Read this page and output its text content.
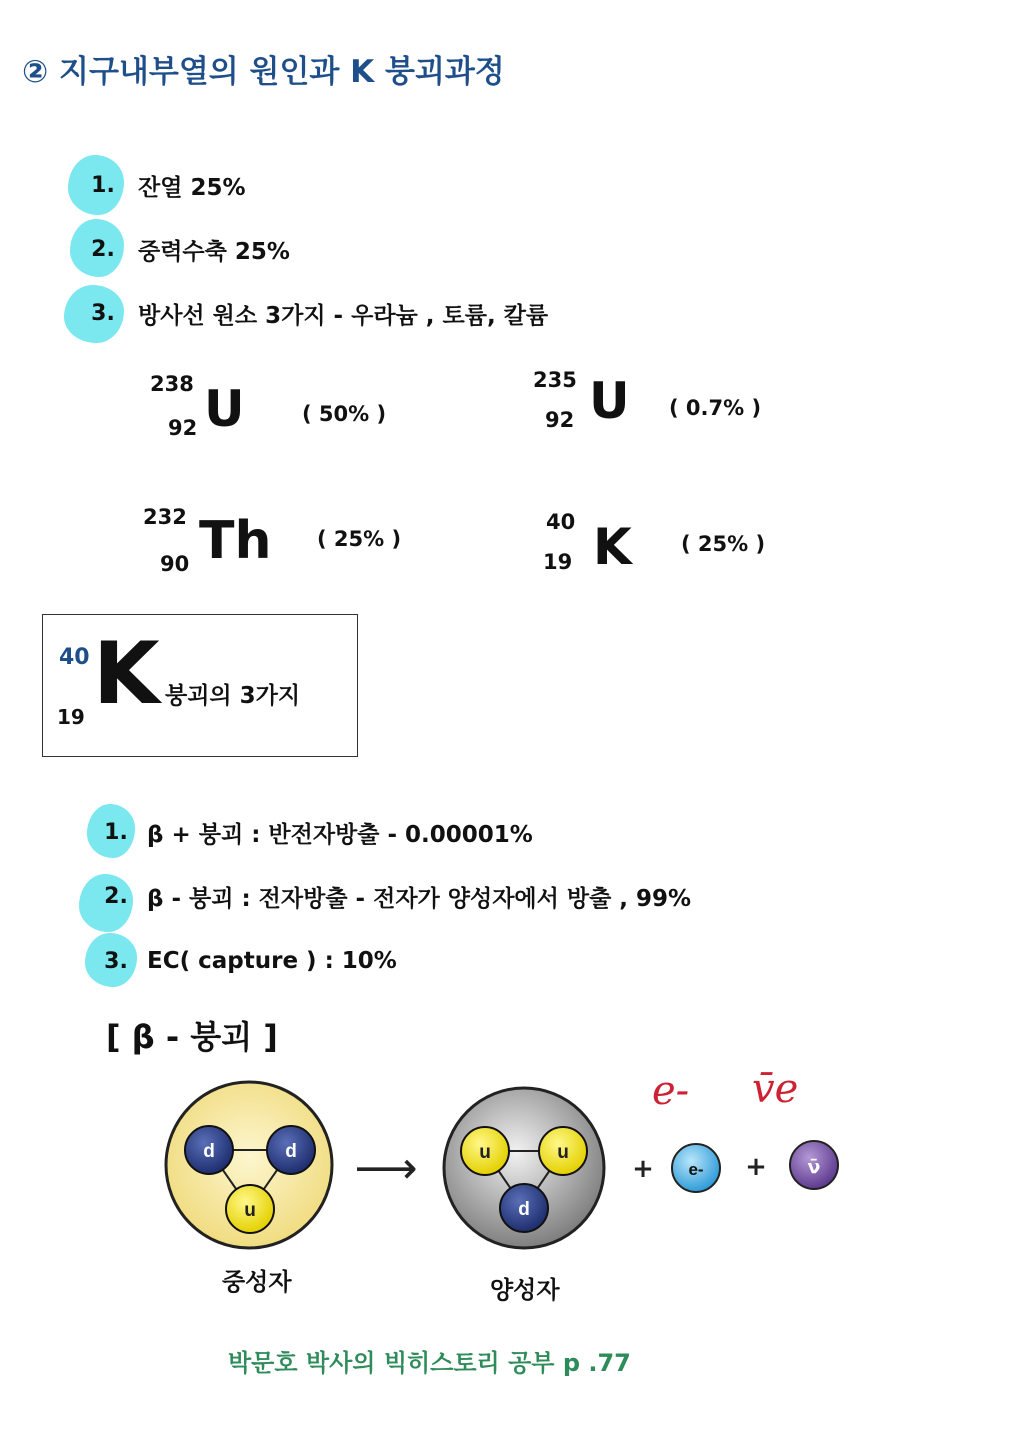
② 지구내부열의 원인과 K 붕괴과정
1.	잔열 25%
2.	중력수축 25%
3.	방사선 원소 3가지 - 우라늄 , 토륨, 칼륨
238
92 U	( 50% )
235
92 U ( 0.7% )
232
90 Th ( 25% )
40
19 K ( 25% )
40
19 K 붕괴의 3가지
1. β + 붕괴 : 반전자방출 - 0.00001%
2. β - 붕괴 : 전자방출 - 전자가 양성자에서 방출 , 99%
3. EC( capture ) : 10%
[ β - 붕괴 ]
e- v̄e
d	d
u
⟶	u	u
d
+	+
e-	ν̄
중성자	양성자
박문호 박사의 빅히스토리 공부 p .77
